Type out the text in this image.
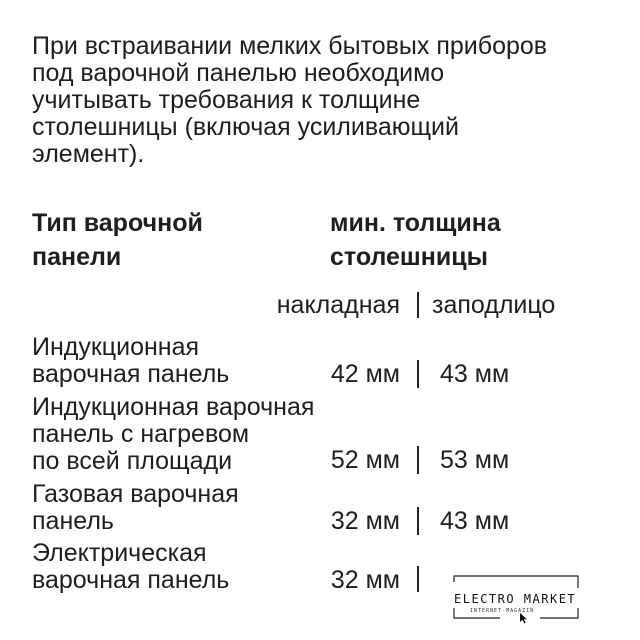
При встраивании мелких бытовых приборов
под варочной панелью необходимо
учитывать требования к толщине
столешницы (включая усиливающий
элемент).
Тип варочной
панели
мин. толщина
столешницы
накладная заподлицо
Индукционная
варочная панель	42 мм 43 мм
Индукционная варочная
панель с нагревом
по всей площади	52 мм 53 мм
Газовая варочная
панель	32 мм 43 мм
Электрическая
варочная панель	32 мм
ELECTRO MARKET
INTERNET-MAGAZIN
